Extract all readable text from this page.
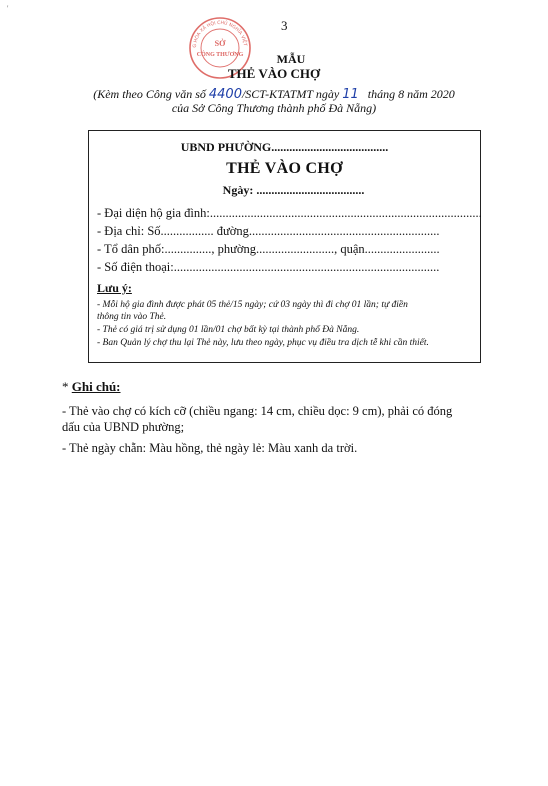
'
3
G HÒA XÃ HỘI CHỦ NGHĨA VIỆT
SỞ
CÔNG THƯƠNG	MẪU
THẺ VÀO CHỢ
(Kèm theo Công văn số 4400/SCT-KTATMT ngày 11 tháng 8 năm 2020
của Sở Công Thương thành phố Đà Nẵng)
UBND PHƯỜNG.......................................
THẺ VÀO CHỢ
Ngày: ....................................
- Đại diện hộ gia đình:.......................................................................................
- Địa chỉ: Số................. đường.............................................................
- Tổ dân phố:..............., phường........................., quận........................
- Số điện thoại:.....................................................................................
Lưu ý:
- Mỗi hộ gia đình được phát 05 thẻ/15 ngày; cứ 03 ngày thì đi chợ 01 lần; tự điền
thông tin vào Thẻ.
- Thẻ có giá trị sử dụng 01 lần/01 chợ bất kỳ tại thành phố Đà Nẵng.
- Ban Quản lý chợ thu lại Thẻ này, lưu theo ngày, phục vụ điều tra dịch tễ khi cần thiết.
* Ghi chú:
- Thẻ vào chợ có kích cỡ (chiều ngang: 14 cm, chiều dọc: 9 cm), phải có đóng
dấu của UBND phường;
- Thẻ ngày chẵn: Màu hồng, thẻ ngày lẻ: Màu xanh da trời.
